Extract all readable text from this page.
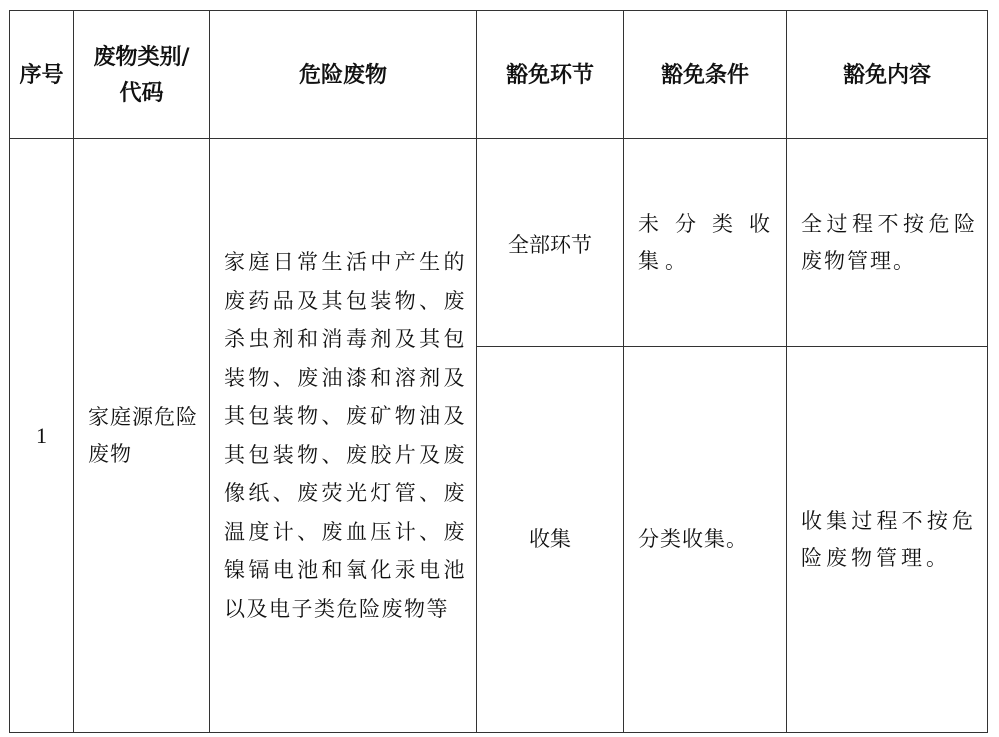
序号	废物类别/代码	危险废物	豁免环节	豁免条件	豁免内容
1	家庭源危险废物	家庭日常生活中产生的废药品及其包装物、废杀虫剂和消毒剂及其包装物、废油漆和溶剂及其包装物、废矿物油及其包装物、废胶片及废像纸、废荧光灯管、废温度计、废血压计、废镍镉电池和氧化汞电池以及电子类危险废物等	全部环节	未分类收集。	全过程不按危险废物管理。
			收集	分类收集。	收集过程不按危险废物管理。
